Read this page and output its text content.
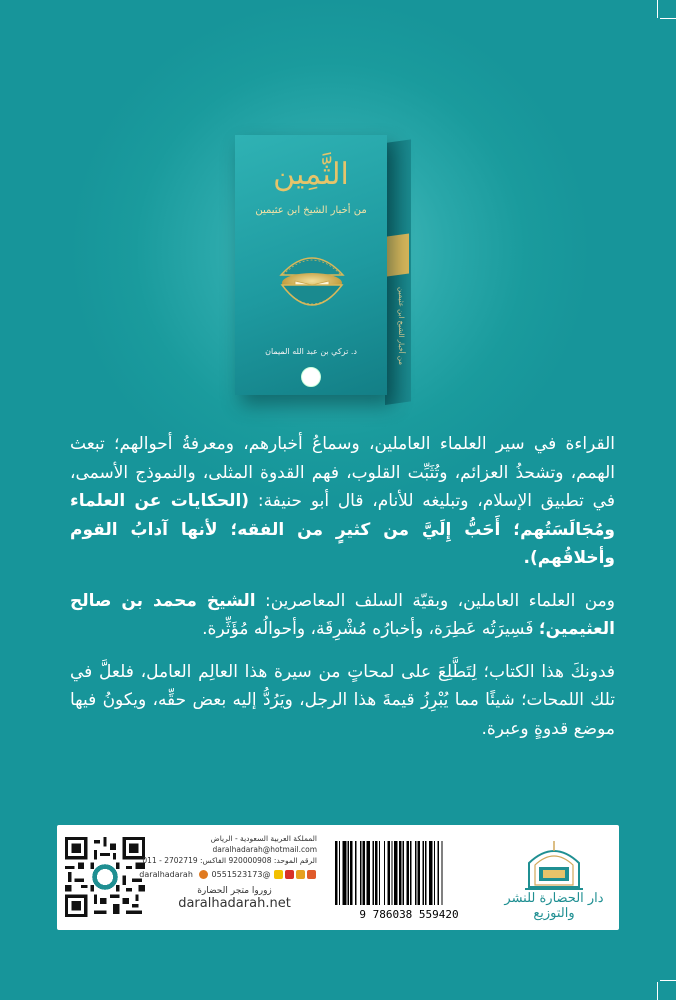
من أخبار الشيخ ابن عثيمين
الثَّمِين
من أخبار الشيخ ابن عثيمين
د. تركي بن عبد الله الميمان

القراءة في سير العلماء العاملين، وسماعُ أخبارهم، ومعرفةُ أحوالهم؛ تبعث الهمم، وتشحذُ العزائم، وتُثَبِّت القلوب، فهم القدوة المثلى، والنموذج الأسمى، في تطبيق الإسلام، وتبليغه للأنام، قال أبو حنيفة: (الحكايات عن العلماء ومُجَالَسَتُهم؛ أَحَبُّ إِلَيَّ من كثيرٍ من الفقه؛ لأنها آدابُ القوم وأخلاقُهم).

ومن العلماء العاملين، وبقيّة السلف المعاصرين: الشيخ محمد بن صالح العثيمين؛ فَسِيرَتُه عَطِرَة، وأخبارُه مُشْرِقَة، وأحوالُه مُؤَثِّرة.

فدونكَ هذا الكتاب؛ لِتَطَّلِعَ على لمحاتٍ من سيرة هذا العالِم العامل، فلعلَّ في تلك اللمحات؛ شيئًا مما يُبْرِزُ قيمةَ هذا الرجل، ويَرُدُّ إليه بعض حقِّه، ويكونُ فيها موضع قدوةٍ وعبرة.

المملكة العربية السعودية - الرياض
daralhadarah@hotmail.com
الرقم الموحد: 920000908 الفاكس: 2702719 - 011
@daralhadarah   0551523173
زوروا متجر الحضارة
daralhadarah.net
9 786038 559420
دار الحضارة للنشر والتوزيع
